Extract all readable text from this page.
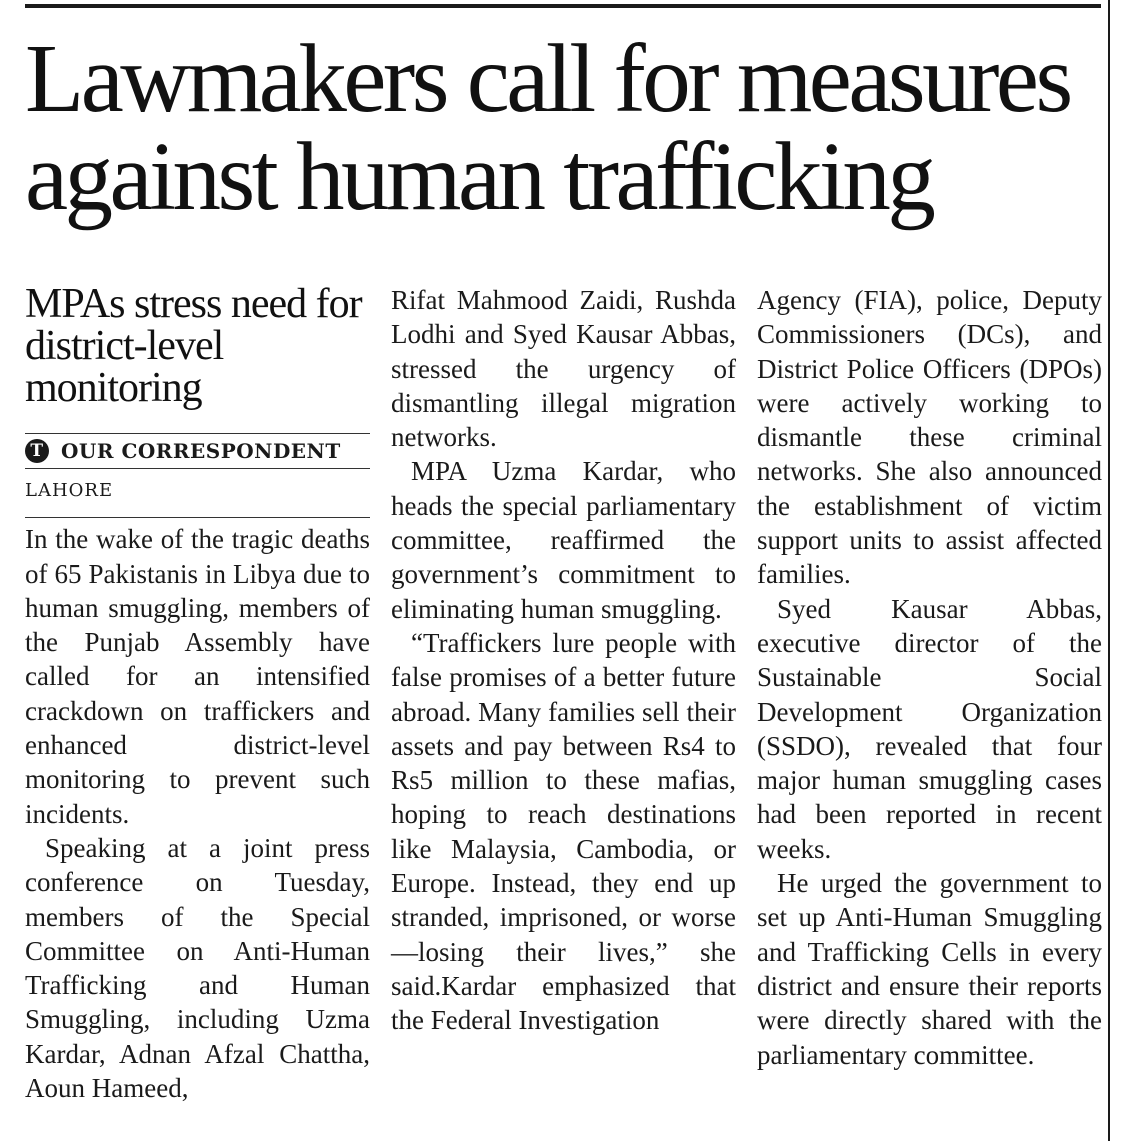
Lawmakers call for measures against human trafficking
MPAs stress need for district-level monitoring
T OUR CORRESPONDENT
LAHORE

In the wake of the tragic deaths of 65 Pakistanis in Libya due to human smuggling, members of the Punjab Assembly have called for an intensified crackdown on traffickers and enhanced district-level monitoring to prevent such incidents.

Speaking at a joint press conference on Tuesday, members of the Special Committee on Anti-Human Trafficking and Human Smuggling, including Uzma Kardar, Adnan Afzal Chattha, Aoun Hameed,

Rifat Mahmood Zaidi, Rushda Lodhi and Syed Kausar Abbas, stressed the urgency of dismantling illegal migration networks.

MPA Uzma Kardar, who heads the special parliamentary committee, reaffirmed the government’s commitment to eliminating human smuggling.

“Traffickers lure people with false promises of a better future abroad. Many families sell their assets and pay between Rs4 to Rs5 million to these mafias, hoping to reach destinations like Malaysia, Cambodia, or Europe. Instead, they end up stranded, imprisoned, or worse—losing their lives,” she said.Kardar emphasized that the Federal Investigation

Agency (FIA), police, Deputy Commissioners (DCs), and District Police Officers (DPOs) were actively working to dismantle these criminal networks. She also announced the establishment of victim support units to assist affected families.

Syed Kausar Abbas, executive director of the Sustainable Social Development Organization (SSDO), revealed that four major human smuggling cases had been reported in recent weeks.

He urged the government to set up Anti-Human Smuggling and Trafficking Cells in every district and ensure their reports were directly shared with the parliamentary committee.
